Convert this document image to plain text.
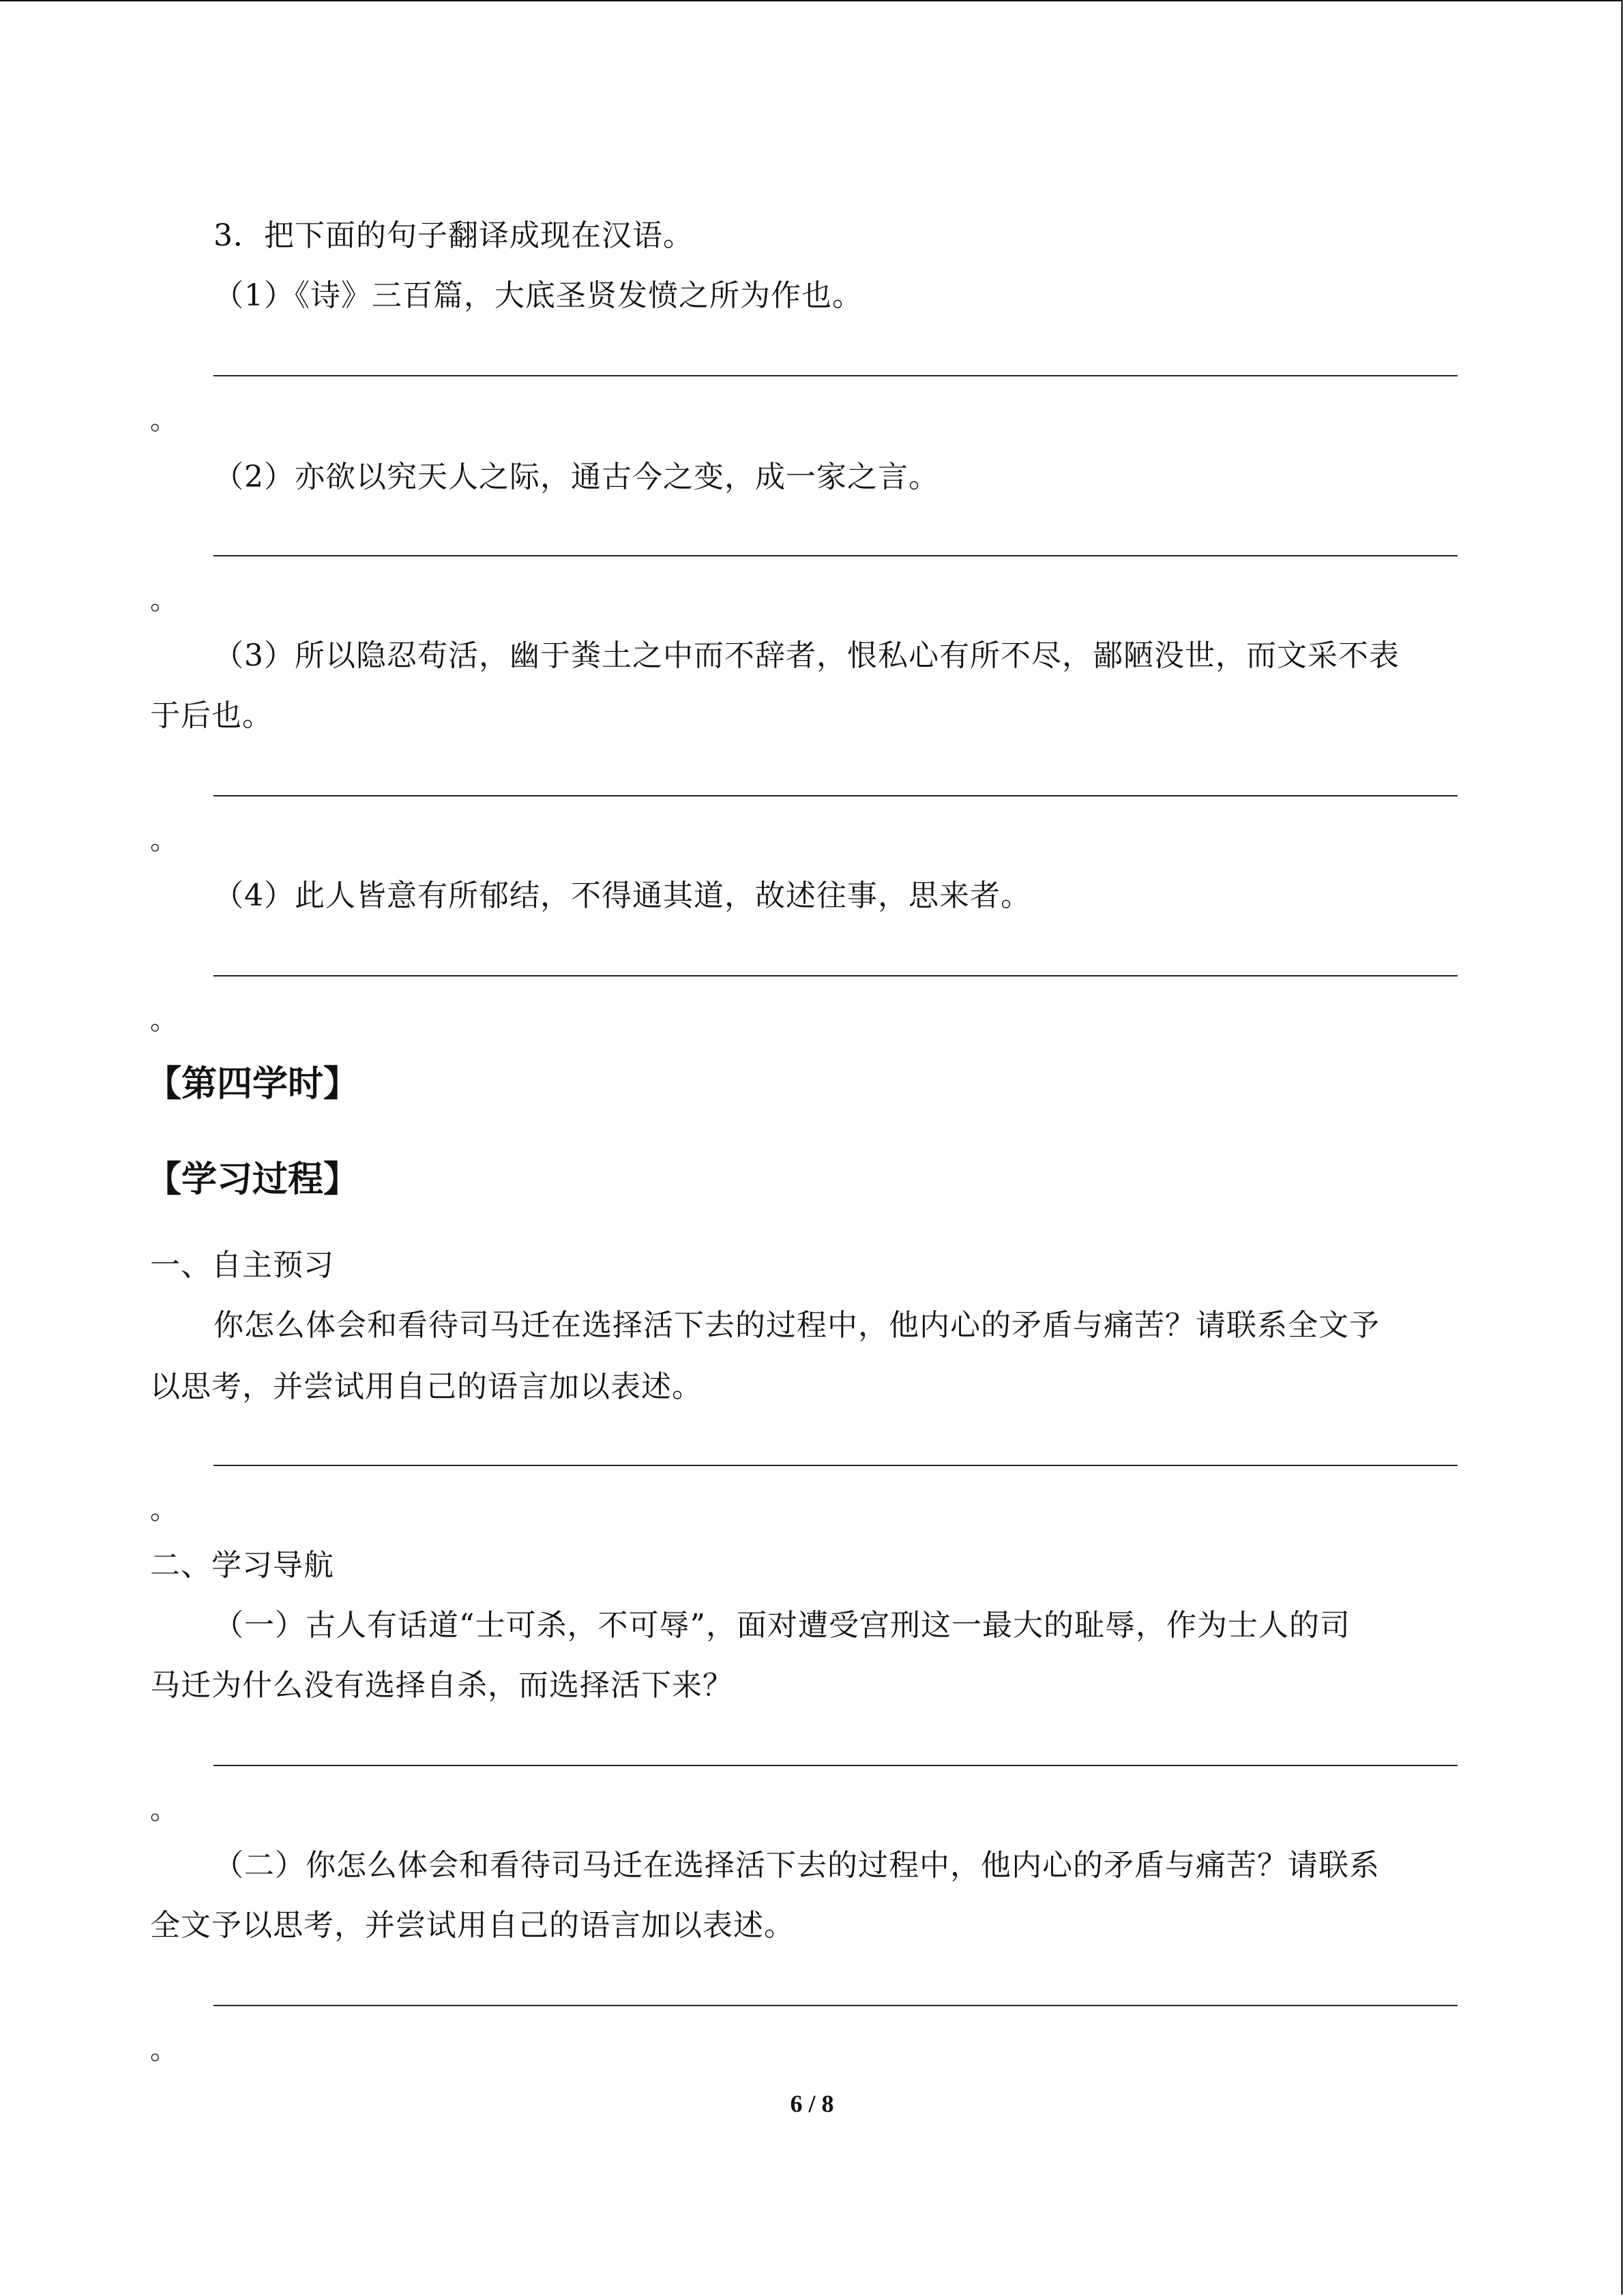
3．把下面的句子翻译成现在汉语。
（1）《诗》三百篇，大底圣贤发愤之所为作也。
。
（2）亦欲以究天人之际，通古今之变，成一家之言。
。
（3）所以隐忍苟活，幽于粪土之中而不辞者，恨私心有所不尽，鄙陋没世，而文采不表
于后也。
。
（4）此人皆意有所郁结，不得通其道，故述往事，思来者。
。
【第四学时】
【学习过程】
一、自主预习
你怎么体会和看待司马迁在选择活下去的过程中，他内心的矛盾与痛苦？请联系全文予
以思考，并尝试用自己的语言加以表述。
。
二、学习导航
（一）古人有话道“士可杀，不可辱”，面对遭受宫刑这一最大的耻辱，作为士人的司
马迁为什么没有选择自杀，而选择活下来？
。
（二）你怎么体会和看待司马迁在选择活下去的过程中，他内心的矛盾与痛苦？请联系
全文予以思考，并尝试用自己的语言加以表述。
。
6 / 8
